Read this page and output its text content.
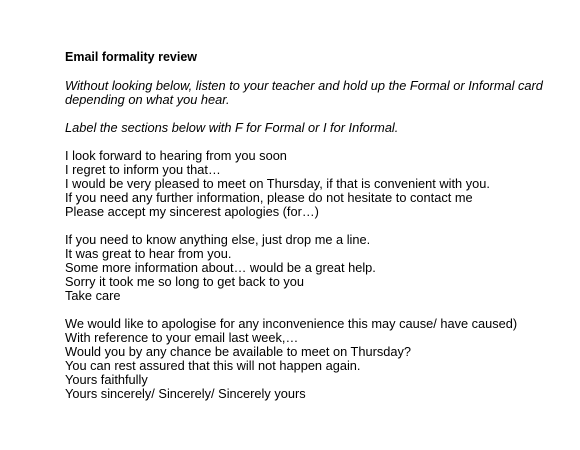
Email formality review

Without looking below, listen to your teacher and hold up the Formal or Informal card depending on what you hear.

Label the sections below with F for Formal or I for Informal.

I look forward to hearing from you soon
I regret to inform you that…
I would be very pleased to meet on Thursday, if that is convenient with you.
If you need any further information, please do not hesitate to contact me
Please accept my sincerest apologies (for…)
If you need to know anything else, just drop me a line.
It was great to hear from you.
Some more information about… would be a great help.
Sorry it took me so long to get back to you
Take care
We would like to apologise for any inconvenience this may cause/ have caused)
With reference to your email last week,…
Would you by any chance be available to meet on Thursday?
You can rest assured that this will not happen again.
Yours faithfully
Yours sincerely/ Sincerely/ Sincerely yours
